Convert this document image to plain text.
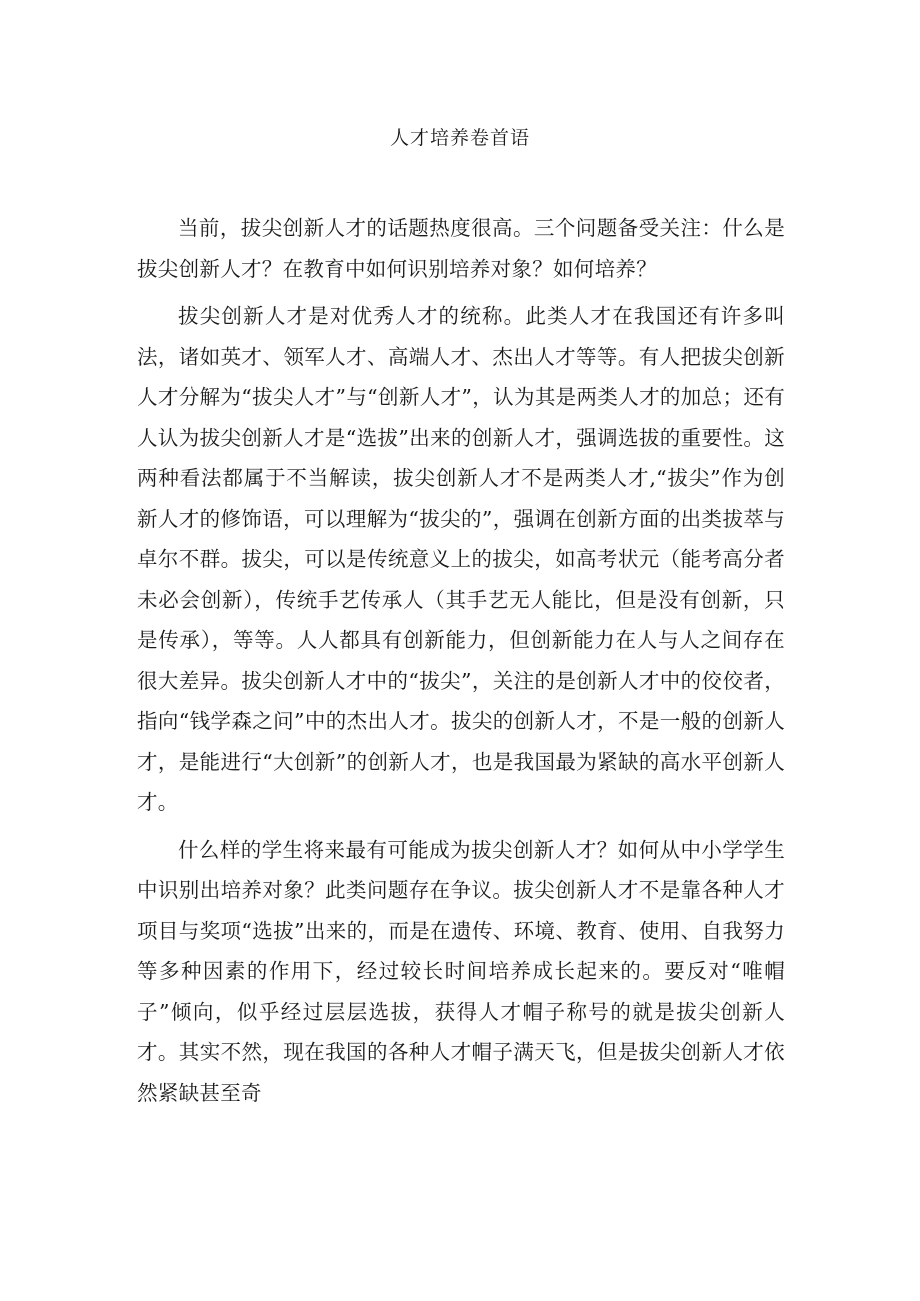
人才培养卷首语

当前，拔尖创新人才的话题热度很高。三个问题备受关注：什么是拔尖创新人才？在教育中如何识别培养对象？如何培养？

拔尖创新人才是对优秀人才的统称。此类人才在我国还有许多叫法，诸如英才、领军人才、高端人才、杰出人才等等。有人把拔尖创新人才分解为“拔尖人才”与“创新人才”，认为其是两类人才的加总；还有人认为拔尖创新人才是“选拔”出来的创新人才，强调选拔的重要性。这两种看法都属于不当解读，拔尖创新人才不是两类人才,“拔尖”作为创新人才的修饰语，可以理解为“拔尖的”，强调在创新方面的出类拔萃与卓尔不群。拔尖，可以是传统意义上的拔尖，如高考状元（能考高分者未必会创新），传统手艺传承人（其手艺无人能比，但是没有创新，只是传承），等等。人人都具有创新能力，但创新能力在人与人之间存在很大差异。拔尖创新人才中的“拔尖”，关注的是创新人才中的佼佼者，指向“钱学森之问”中的杰出人才。拔尖的创新人才，不是一般的创新人才，是能进行“大创新”的创新人才，也是我国最为紧缺的高水平创新人才。

什么样的学生将来最有可能成为拔尖创新人才？如何从中小学学生中识别出培养对象？此类问题存在争议。拔尖创新人才不是靠各种人才项目与奖项“选拔”出来的，而是在遗传、环境、教育、使用、自我努力等多种因素的作用下，经过较长时间培养成长起来的。要反对“唯帽子”倾向，似乎经过层层选拔，获得人才帽子称号的就是拔尖创新人才。其实不然，现在我国的各种人才帽子满天飞，但是拔尖创新人才依然紧缺甚至奇
